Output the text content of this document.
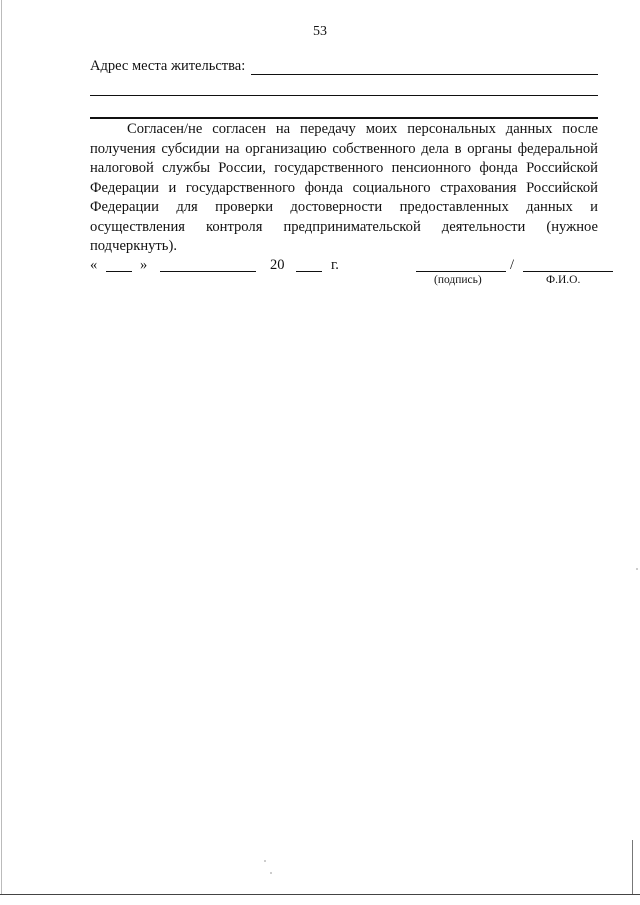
53
Адрес места жительства:

Согласен/не согласен на передачу моих персональных данных после получения субсидии на организацию собственного дела в органы федеральной налоговой службы России, государственного пенсионного фонда Российской Федерации и государственного фонда социального страхования Российской Федерации для проверки достоверности предоставленных данных и осуществления контроля предпринимательской деятельности (нужное подчеркнуть).

«	»	20	г.	/
(подпись)	Ф.И.О.
